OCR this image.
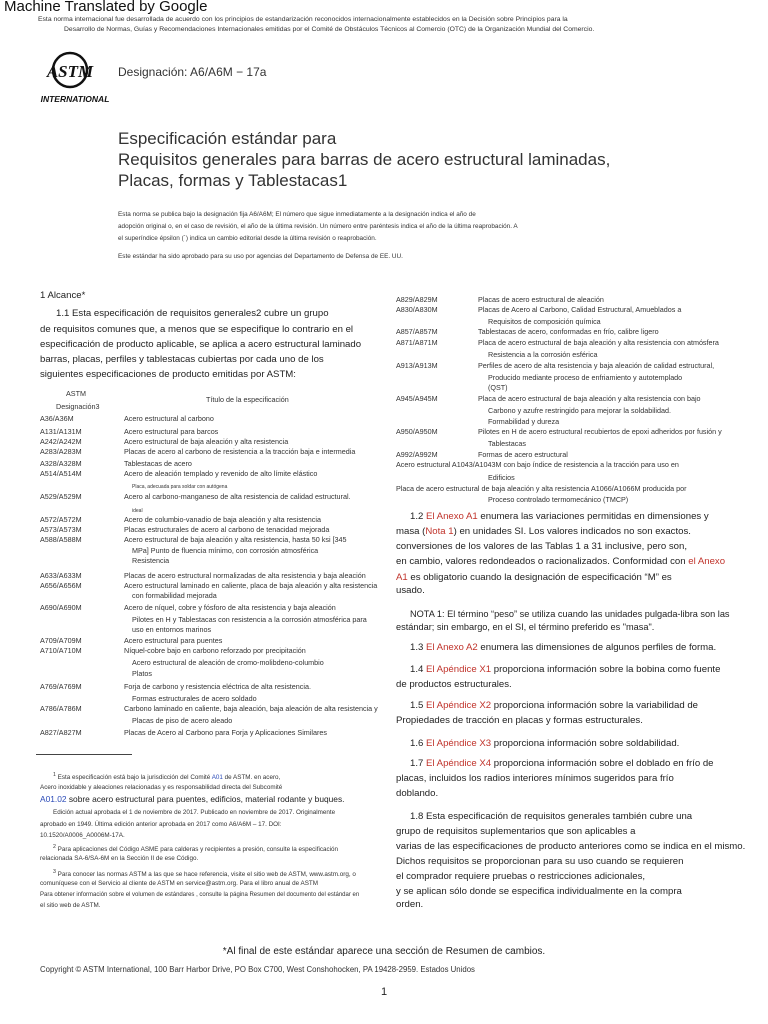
Machine Translated by Google
Esta norma internacional fue desarrollada de acuerdo con los principios de estandarización reconocidos internacionalmente establecidos en la Decisión sobre Principios para la
Desarrollo de Normas, Guías y Recomendaciones Internacionales emitidas por el Comité de Obstáculos Técnicos al Comercio (OTC) de la Organización Mundial del Comercio.
ASTM
INTERNATIONAL
Designación: A6/A6M − 17a
Especificación estándar para
Requisitos generales para barras de acero estructural laminadas,
Placas, formas y Tablestacas1
Esta norma se publica bajo la designación fija A6/A6M; El número que sigue inmediatamente a la designación indica el año de
adopción original o, en el caso de revisión, el año de la última revisión. Un número entre paréntesis indica el año de la última reaprobación. A
el superíndice épsilon (´) indica un cambio editorial desde la última revisión o reaprobación.
Este estándar ha sido aprobado para su uso por agencias del Departamento de Defensa de EE. UU.
1 Alcance*
1.1 Esta especificación de requisitos generales2 cubre un grupo
de requisitos comunes que, a menos que se especifique lo contrario en el
especificación de producto aplicable, se aplica a acero estructural laminado
barras, placas, perfiles y tablestacas cubiertas por cada uno de los
siguientes especificaciones de producto emitidas por ASTM:
ASTM
Designación3
Título de la especificación
A36/A36M	Acero estructural al carbono
A131/A131M	Acero estructural para barcos
A242/A242M	Acero estructural de baja aleación y alta resistencia
A283/A283M	Placas de acero al carbono de resistencia a la tracción baja e intermedia
A328/A328M	Tablestacas de acero
A514/A514M	Acero de aleación templado y revenido de alto límite elástico
Placa, adecuada para soldar con autógena
A529/A529M	Acero al carbono-manganeso de alta resistencia de calidad estructural.
ideal
A572/A572M	Acero de columbio-vanadio de baja aleación y alta resistencia
A573/A573M	Placas estructurales de acero al carbono de tenacidad mejorada
A588/A588M	Acero estructural de baja aleación y alta resistencia, hasta 50 ksi [345
MPa] Punto de fluencia mínimo, con corrosión atmosférica
Resistencia
A633/A633M	Placas de acero estructural normalizadas de alta resistencia y baja aleación
A656/A656M	Acero estructural laminado en caliente, placa de baja aleación y alta resistencia
con formabilidad mejorada
A690/A690M	Acero de níquel, cobre y fósforo de alta resistencia y baja aleación
Pilotes en H y Tablestacas con resistencia a la corrosión atmosférica para
uso en entornos marinos
A709/A709M	Acero estructural para puentes
A710/A710M	Níquel-cobre bajo en carbono reforzado por precipitación
Acero estructural de aleación de cromo-molibdeno-columbio
Platos
A769/A769M	Forja de carbono y resistencia eléctrica de alta resistencia.
Formas estructurales de acero soldado
A786/A786M	Carbono laminado en caliente, baja aleación, baja aleación de alta resistencia y
Placas de piso de acero aleado
A827/A827M	Placas de Acero al Carbono para Forja y Aplicaciones Similares
A829/A829M	Placas de acero estructural de aleación
A830/A830M	Placas de Acero al Carbono, Calidad Estructural, Amueblados a
Requisitos de composición química
A857/A857M	Tablestacas de acero, conformadas en frío, calibre ligero
A871/A871M	Placa de acero estructural de baja aleación y alta resistencia con atmósfera
Resistencia a la corrosión esférica
A913/A913M	Perfiles de acero de alta resistencia y baja aleación de calidad estructural,
Producido mediante proceso de enfriamiento y autotemplado
(QST)
A945/A945M	Placa de acero estructural de baja aleación y alta resistencia con bajo
Carbono y azufre restringido para mejorar la soldabilidad.
Formabilidad y dureza
A950/A950M	Pilotes en H de acero estructural recubiertos de epoxi adheridos por fusión y
Tablestacas
A992/A992M	Formas de acero estructural
Acero estructural A1043/A1043M con bajo índice de resistencia a la tracción para uso en
Edificios
Placa de acero estructural de baja aleación y alta resistencia A1066/A1066M producida por
Proceso controlado termomecánico (TMCP)
$^1$ Esta especificación está bajo la jurisdicción del Comité A01 de ASTM. en acero,
Acero inoxidable y aleaciones relacionadas y es responsabilidad directa del Subcomité
A01.02 sobre acero estructural para puentes, edificios, material rodante y buques.
Edición actual aprobada el 1 de noviembre de 2017. Publicado en noviembre de 2017. Originalmente
aprobado en 1949. Última edición anterior aprobada en 2017 como A6/A6M – 17. DOI:
10.1520/A0006_A0006M-17A.
$^2$ Para aplicaciones del Código ASME para calderas y recipientes a presión, consulte la especificación
relacionada SA-6/SA-6M en la Sección II de ese Código.
$^3$ Para conocer las normas ASTM a las que se hace referencia, visite el sitio web de ASTM, www.astm.org, o
comuníquese con el Servicio al cliente de ASTM en service@astm.org. Para el libro anual de ASTM
Para obtener información sobre el volumen de estándares , consulte la página Resumen del documento del estándar en
el sitio web de ASTM.
1.2 El Anexo A1 enumera las variaciones permitidas en dimensiones y
masa (Nota 1) en unidades SI. Los valores indicados no son exactos.
conversiones de los valores de las Tablas 1 a 31 inclusive, pero son,
en cambio, valores redondeados o racionalizados. Conformidad con el Anexo
A1 es obligatorio cuando la designación de especificación “M” es
usado.
NOTA 1: El término “peso” se utiliza cuando las unidades pulgada-libra son las
estándar; sin embargo, en el SI, el término preferido es "masa".
1.3 El Anexo A2 enumera las dimensiones de algunos perfiles de forma.
1.4 El Apéndice X1 proporciona información sobre la bobina como fuente
de productos estructurales.
1.5 El Apéndice X2 proporciona información sobre la variabilidad de
Propiedades de tracción en placas y formas estructurales.
1.6 El Apéndice X3 proporciona información sobre soldabilidad.
1.7 El Apéndice X4 proporciona información sobre el doblado en frío de
placas, incluidos los radios interiores mínimos sugeridos para frío
doblando.
1.8 Esta especificación de requisitos generales también cubre una
grupo de requisitos suplementarios que son aplicables a
varias de las especificaciones de producto anteriores como se indica en el mismo.
Dichos requisitos se proporcionan para su uso cuando se requieren
el comprador requiere pruebas o restricciones adicionales,
y se aplican sólo donde se especifica individualmente en la compra
orden.
*Al final de este estándar aparece una sección de Resumen de cambios.
Copyright © ASTM International, 100 Barr Harbor Drive, PO Box C700, West Conshohocken, PA 19428-2959. Estados Unidos
1
